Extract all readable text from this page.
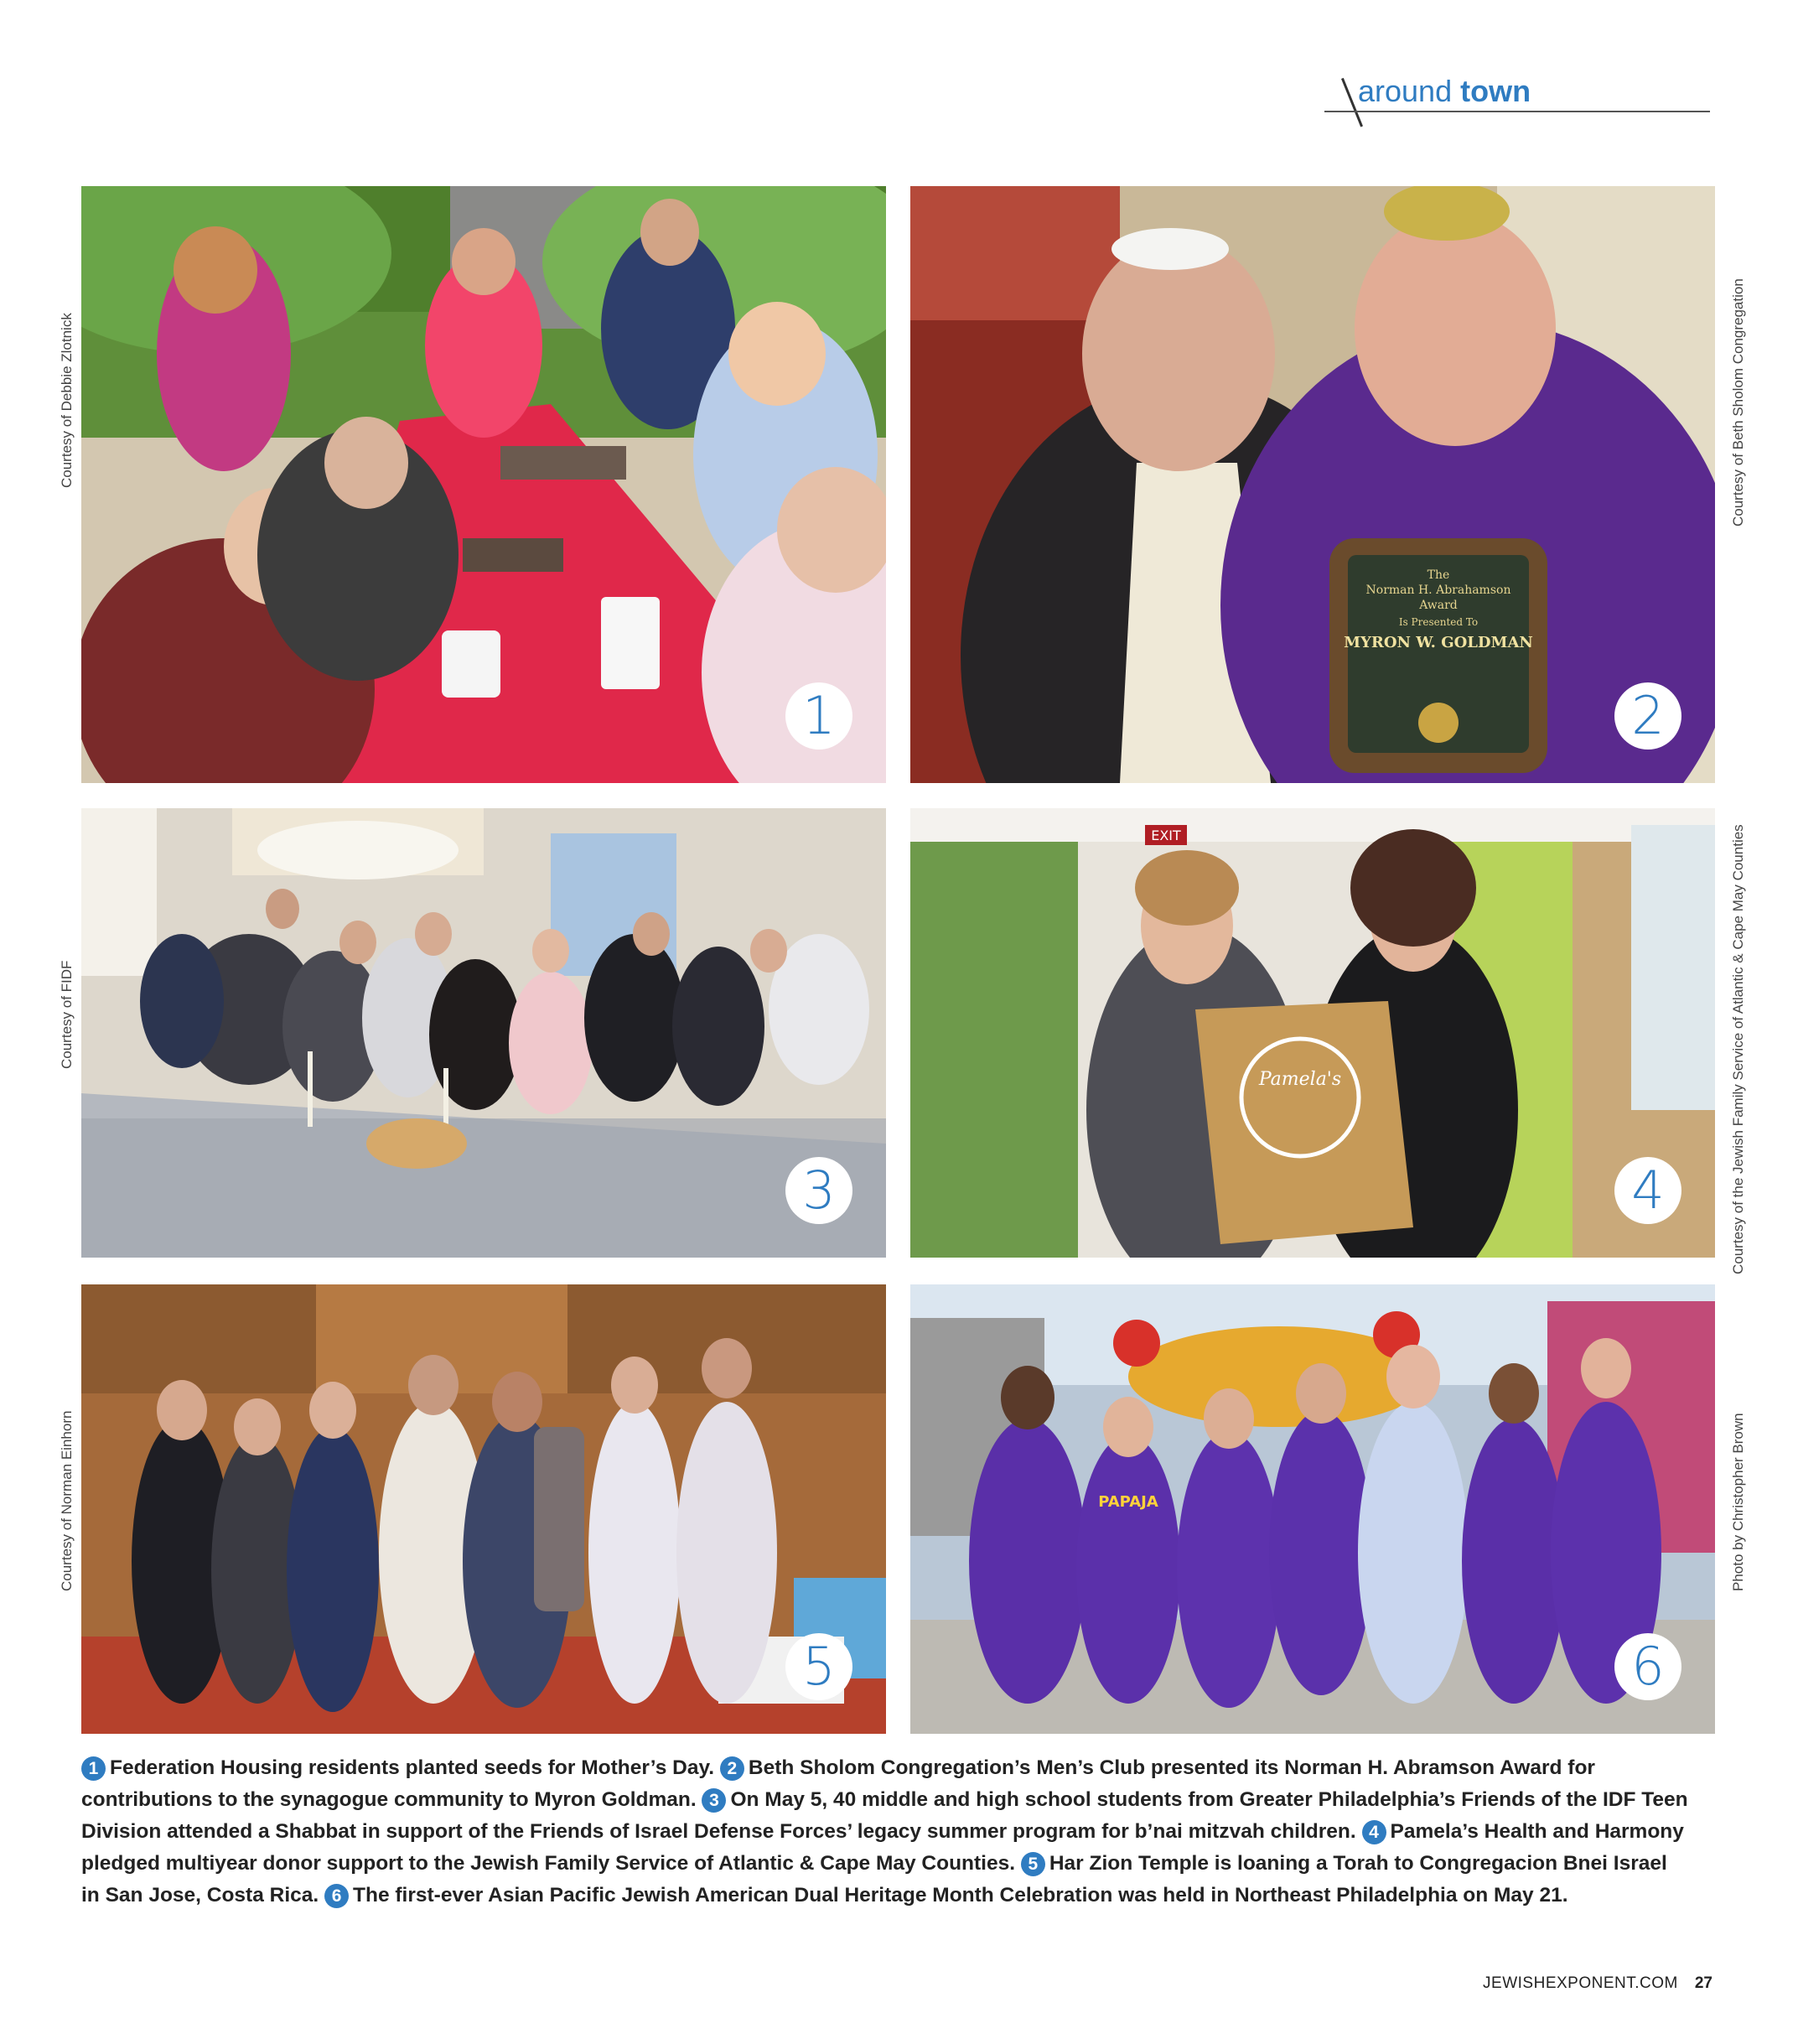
around town
1
Courtesy of Debbie Zlotnick
The
Norman H. Abrahamson
Award
Is Presented To
MYRON W. GOLDMAN
2
Courtesy of Beth Sholom Congregation
3
Courtesy of FIDF
EXIT
Pamela's
4	Courtesy of the Jewish Family Service of Atlantic & Cape May Counties
5
Courtesy of Norman Einhorn	PAPAJA
6
Photo by Christopher Brown
1 Federation Housing residents planted seeds for Mother’s Day. 2 Beth Sholom Congregation’s Men’s Club presented its Norman H. Abramson Award for contributions to the synagogue community to Myron Goldman. 3 On May 5, 40 middle and high school students from Greater Philadelphia’s Friends of the IDF Teen Division attended a Shabbat in support of the Friends of Israel Defense Forces’ legacy summer program for b’nai mitzvah children. 4 Pamela’s Health and Harmony pledged multiyear donor support to the Jewish Family Service of Atlantic & Cape May Counties. 5 Har Zion Temple is loaning a Torah to Congregacion Bnei Israel in San Jose, Costa Rica. 6 The first-ever Asian Pacific Jewish American Dual Heritage Month Celebration was held in Northeast Philadelphia on May 21.
JEWISHEXPONENT.COM 27
